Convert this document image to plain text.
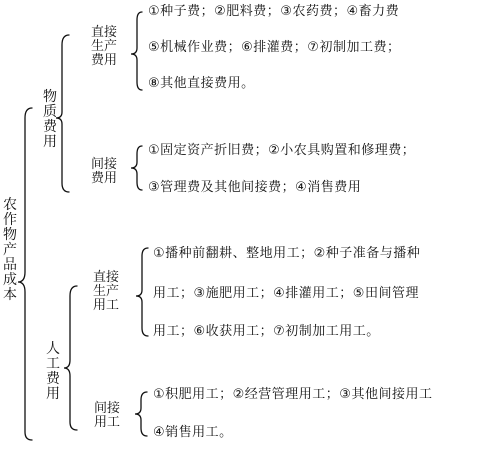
农作物产品成本
物质费用
人工费用
直接生产费用
间接费用
直接生产用工
间接用工
①种子费；②肥料费；③农药费；④畜力费
⑤机械作业费；⑥排灌费；⑦初制加工费；
⑧其他直接费用。
①固定资产折旧费；②小农具购置和修理费；
③管理费及其他间接费；④消售费用
①播种前翻耕、整地用工；②种子准备与播种
用工；③施肥用工；④排灌用工；⑤田间管理
用工；⑥收获用工；⑦初制加工用工。
①积肥用工；②经营管理用工；③其他间接用工
④销售用工。
